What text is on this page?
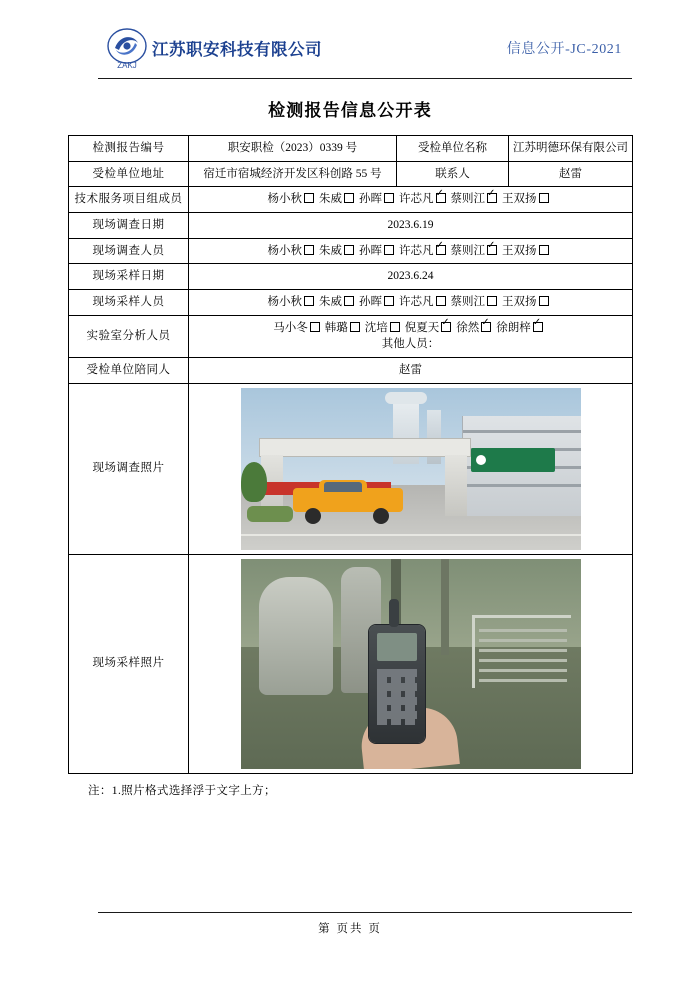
ZAKJ
江苏职安科技有限公司	信息公开-JC-2021
检测报告信息公开表
检测报告编号	职安职检（2023）0339 号	受检单位名称	江苏明德环保有限公司
受检单位地址	宿迁市宿城经济开发区科创路 55 号	联系人	赵雷
技术服务项目组成员	杨小秋 朱威 孙晖 许芯凡 ✓ 蔡则江 ✓ 王双扬
现场调查日期	2023.6.19		
现场调查人员	杨小秋 朱威 孙晖 许芯凡 ✓ 蔡则江 ✓ 王双扬
现场采样日期	2023.6.24		
现场采样人员	杨小秋 朱威 孙晖 许芯凡 蔡则江 王双扬		
实验室分析人员	马小冬 韩璐 沈培 倪夏天 ✓ 徐然 ✓ 徐朗梓✓
其他人员：

受检单位陪同人	赵雷		
现场调查照片			

现场采样照片			
注：1.照片格式选择浮于文字上方；
第 页共 页
